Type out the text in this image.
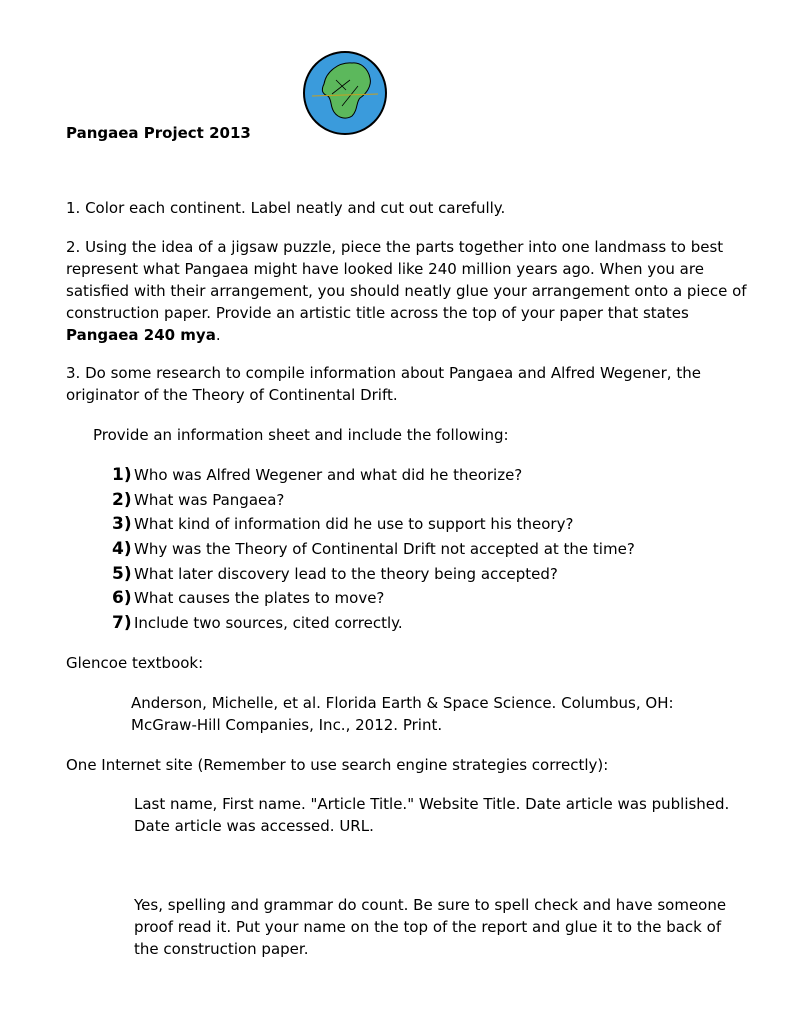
Pangaea Project 2013
1. Color each continent. Label neatly and cut out carefully.
2. Using the idea of a jigsaw puzzle, piece the parts together into one landmass to best
represent what Pangaea might have looked like 240 million years ago. When you are
satisfied with their arrangement, you should neatly glue your arrangement onto a piece of
construction paper. Provide an artistic title across the top of your paper that states
Pangaea 240 mya.
3. Do some research to compile information about Pangaea and Alfred Wegener, the
originator of the Theory of Continental Drift.
Provide an information sheet and include the following:
1) Who was Alfred Wegener and what did he theorize?
2) What was Pangaea?
3) What kind of information did he use to support his theory?
4) Why was the Theory of Continental Drift not accepted at the time?
5) What later discovery lead to the theory being accepted?
6) What causes the plates to move?
7) Include two sources, cited correctly.
Glencoe textbook:
Anderson, Michelle, et al. Florida Earth & Space Science. Columbus, OH:
McGraw-Hill Companies, Inc., 2012. Print.
One Internet site (Remember to use search engine strategies correctly):
Last name, First name. "Article Title." Website Title. Date article was published.
Date article was accessed. URL.
Yes, spelling and grammar do count. Be sure to spell check and have someone
proof read it. Put your name on the top of the report and glue it to the back of
the construction paper.
